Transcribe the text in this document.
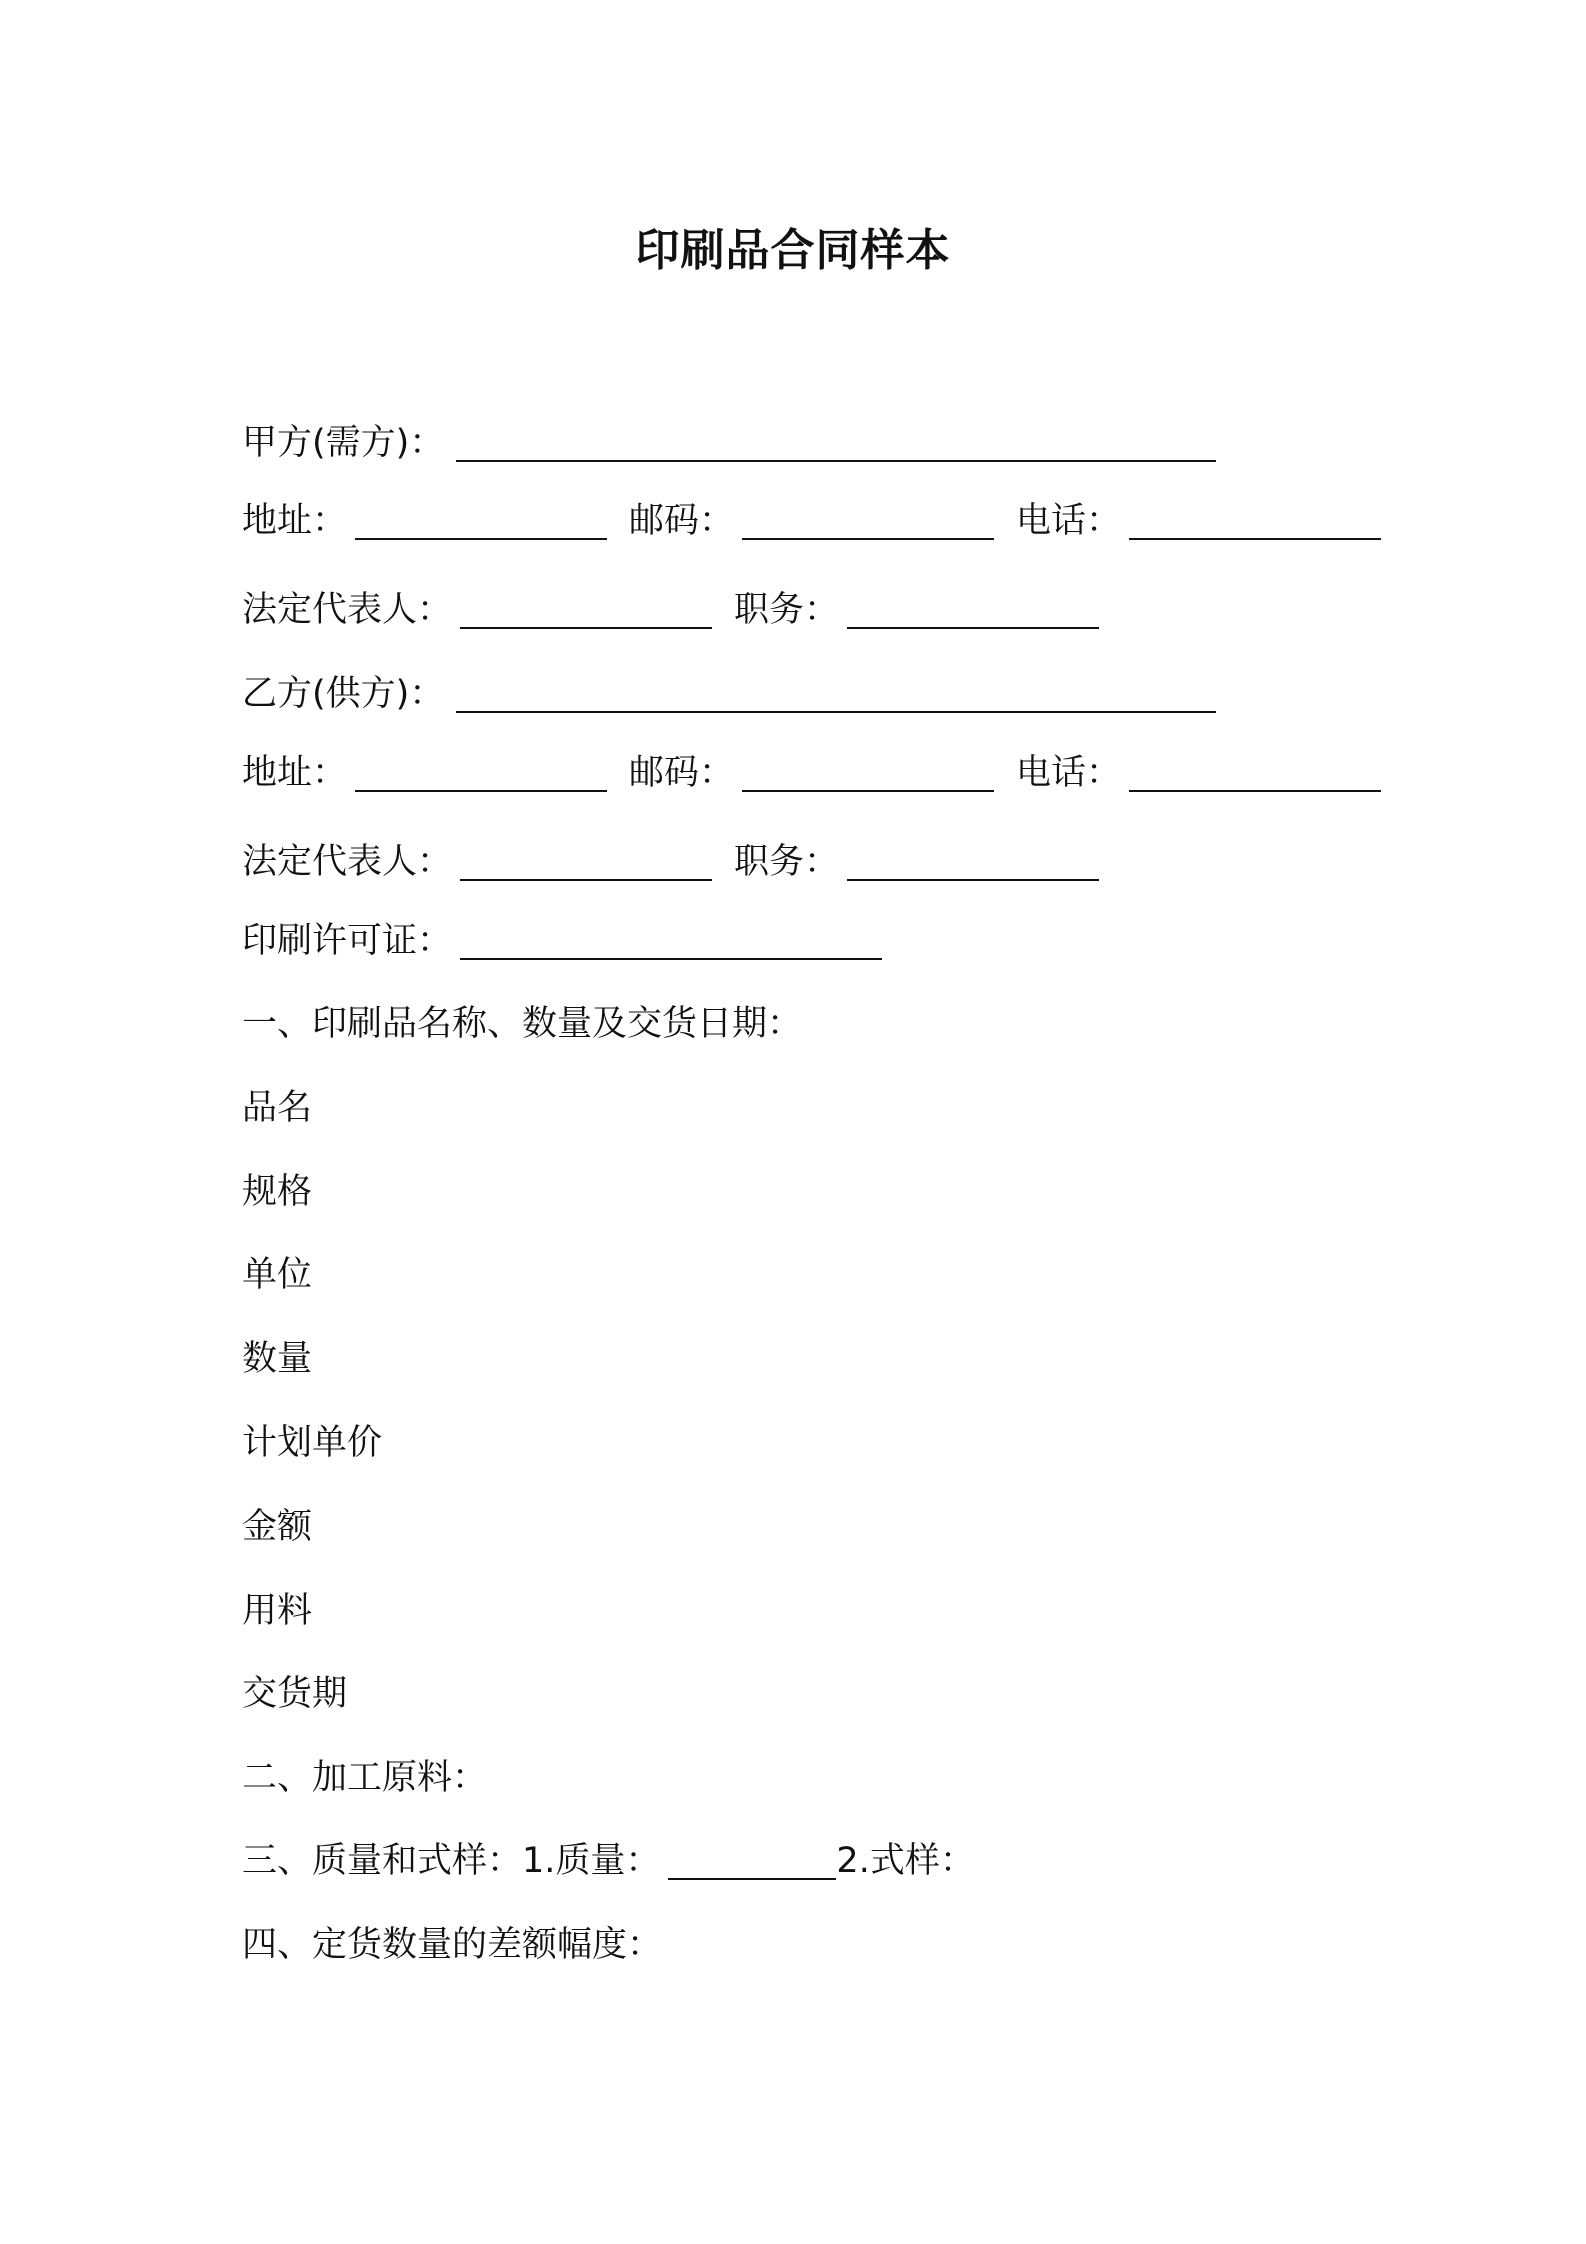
印刷品合同样本
甲方(需方)：
地址：	邮码：	电话：
法定代表人：	职务：
乙方(供方)：
地址：	邮码：	电话：
法定代表人：	职务：
印刷许可证：
一、印刷品名称、数量及交货日期：
品名
规格
单位
数量
计划单价
金额
用料
交货期
二、加工原料：
三、质量和式样：1.质量：	2.式样：
四、定货数量的差额幅度：
